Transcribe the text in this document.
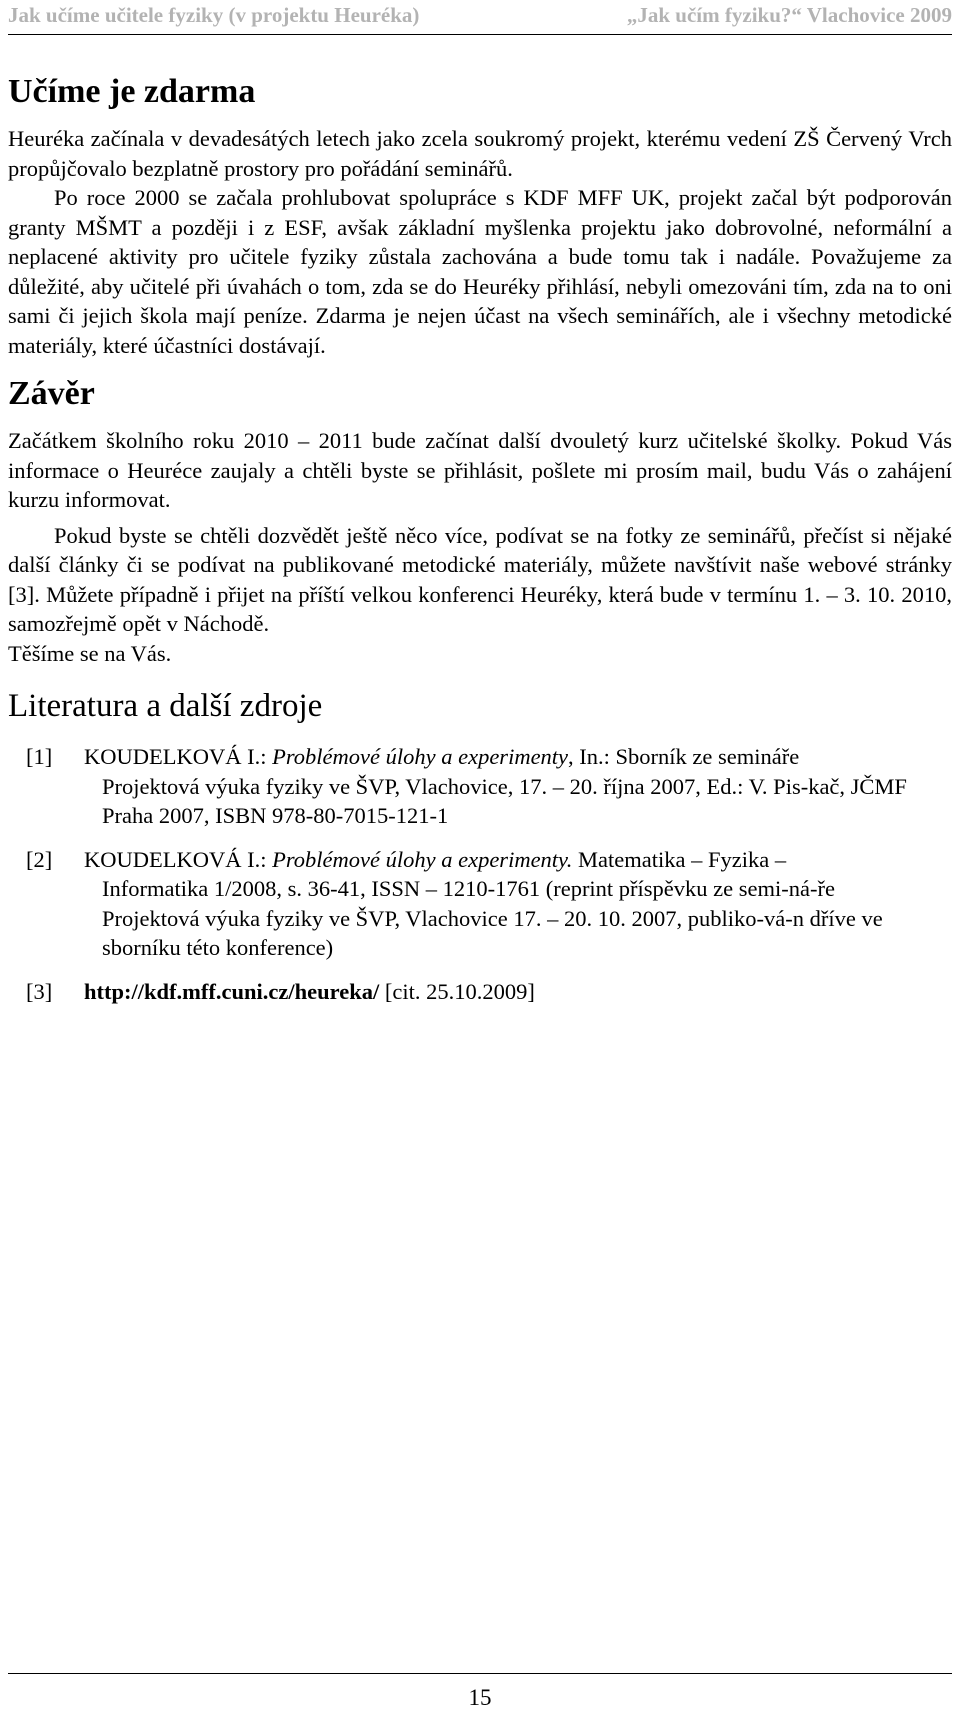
Jak učíme učitele fyziky (v projektu Heuréka)	„Jak učím fyziku?“ Vlachovice 2009
Učíme je zdarma

Heuréka začínala v devadesátých letech jako zcela soukromý projekt, kterému vedení ZŠ Červený Vrch propůjčovalo bezplatně prostory pro pořádání seminářů.

Po roce 2000 se začala prohlubovat spolupráce s KDF MFF UK, projekt začal být podporován granty MŠMT a později i z ESF, avšak základní myšlenka projektu jako dobrovolné, neformální a neplacené aktivity pro učitele fyziky zůstala zachována a bude tomu tak i nadále. Považujeme za důležité, aby učitelé při úvahách o tom, zda se do Heuréky přihlásí, nebyli omezováni tím, zda na to oni sami či jejich škola mají peníze. Zdarma je nejen účast na všech seminářích, ale i všechny metodické materiály, které účastníci dostávají.

Závěr

Začátkem školního roku 2010 – 2011 bude začínat další dvouletý kurz učitelské školky. Pokud Vás informace o Heuréce zaujaly a chtěli byste se přihlásit, pošlete mi prosím mail, budu Vás o zahájení kurzu informovat.

Pokud byste se chtěli dozvědět ještě něco více, podívat se na fotky ze seminářů, přečíst si nějaké další články či se podívat na publikované metodické materiály, můžete navštívit naše webové stránky [3]. Můžete případně i přijet na příští velkou konferenci Heuréky, která bude v termínu 1. – 3. 10. 2010, samozřejmě opět v Náchodě.

Těšíme se na Vás.

Literatura a další zdroje
[1]	KOUDELKOVÁ I.: Problémové úlohy a experimenty, In.: Sborník ze semináře
Projektová výuka fyziky ve ŠVP, Vlachovice, 17. – 20. října 2007, Ed.: V. Pis-kač, JČMF Praha 2007, ISBN 978-80-7015-121-1
[2]	KOUDELKOVÁ I.: Problémové úlohy a experimenty. Matematika – Fyzika –
Informatika 1/2008, s. 36-41, ISSN – 1210-1761 (reprint příspěvku ze semi-ná-ře Projektová výuka fyziky ve ŠVP, Vlachovice 17. – 20. 10. 2007, publiko-vá-n dříve ve sborníku této konference)
[3]	http://kdf.mff.cuni.cz/heureka/ [cit. 25.10.2009]
15
